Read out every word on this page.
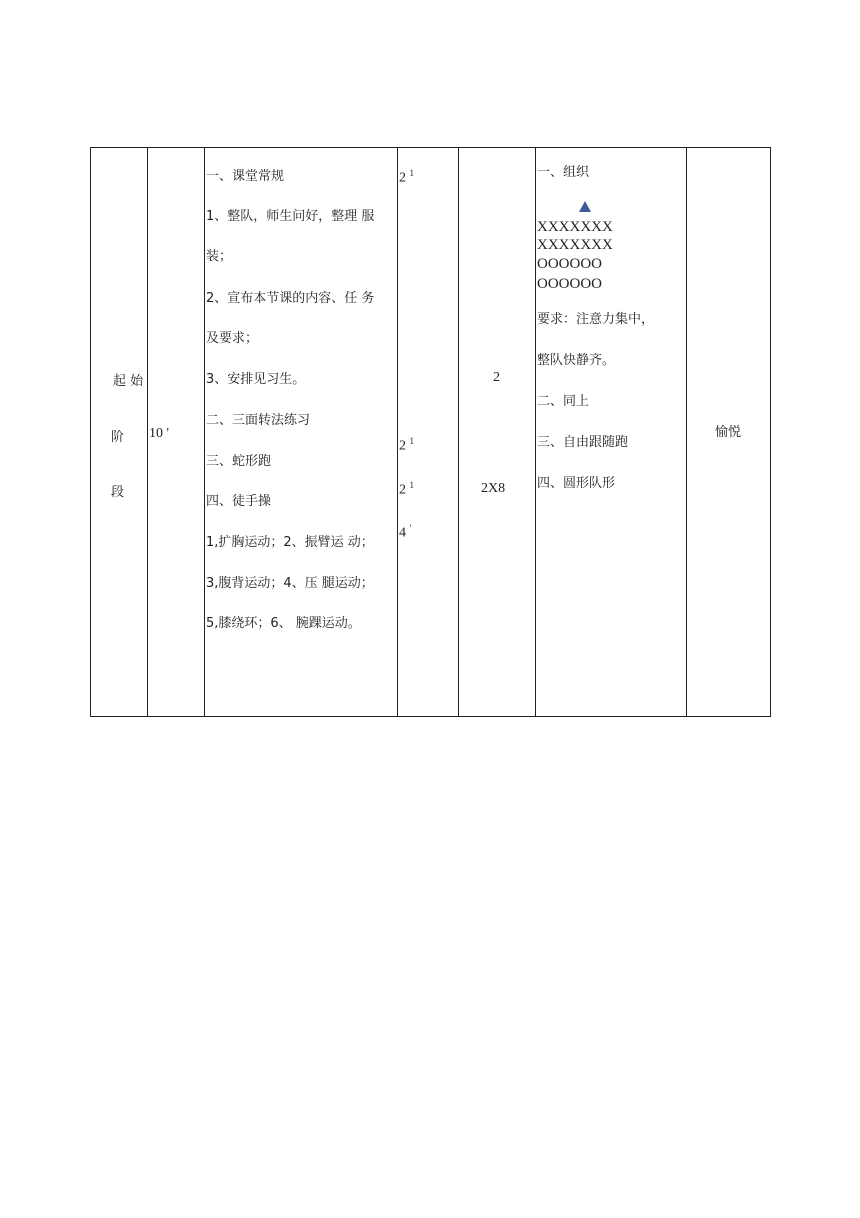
起 始
阶
段

10 '

一、课堂常规
1、整队，师生问好，整理 服
装；
2、宣布本节课的内容、任 务
及要求；
3、安排见习生。
二、三面转法练习
三、蛇形跑
四、徒手操
1,扩胸运动；2、振臂运 动；
3,腹背运动；4、压 腿运动；
5,膝绕环；6、 腕踝运动。

2 $^1$
2 $^1$
2 $^1$
4 '

2
2X8

一、组织
XXXXXXX
XXXXXXX
OOOOOO
OOOOOO
要求：注意力集中，
整队快静齐。
二、同上
三、自由跟随跑
四、圆形队形

愉悦
